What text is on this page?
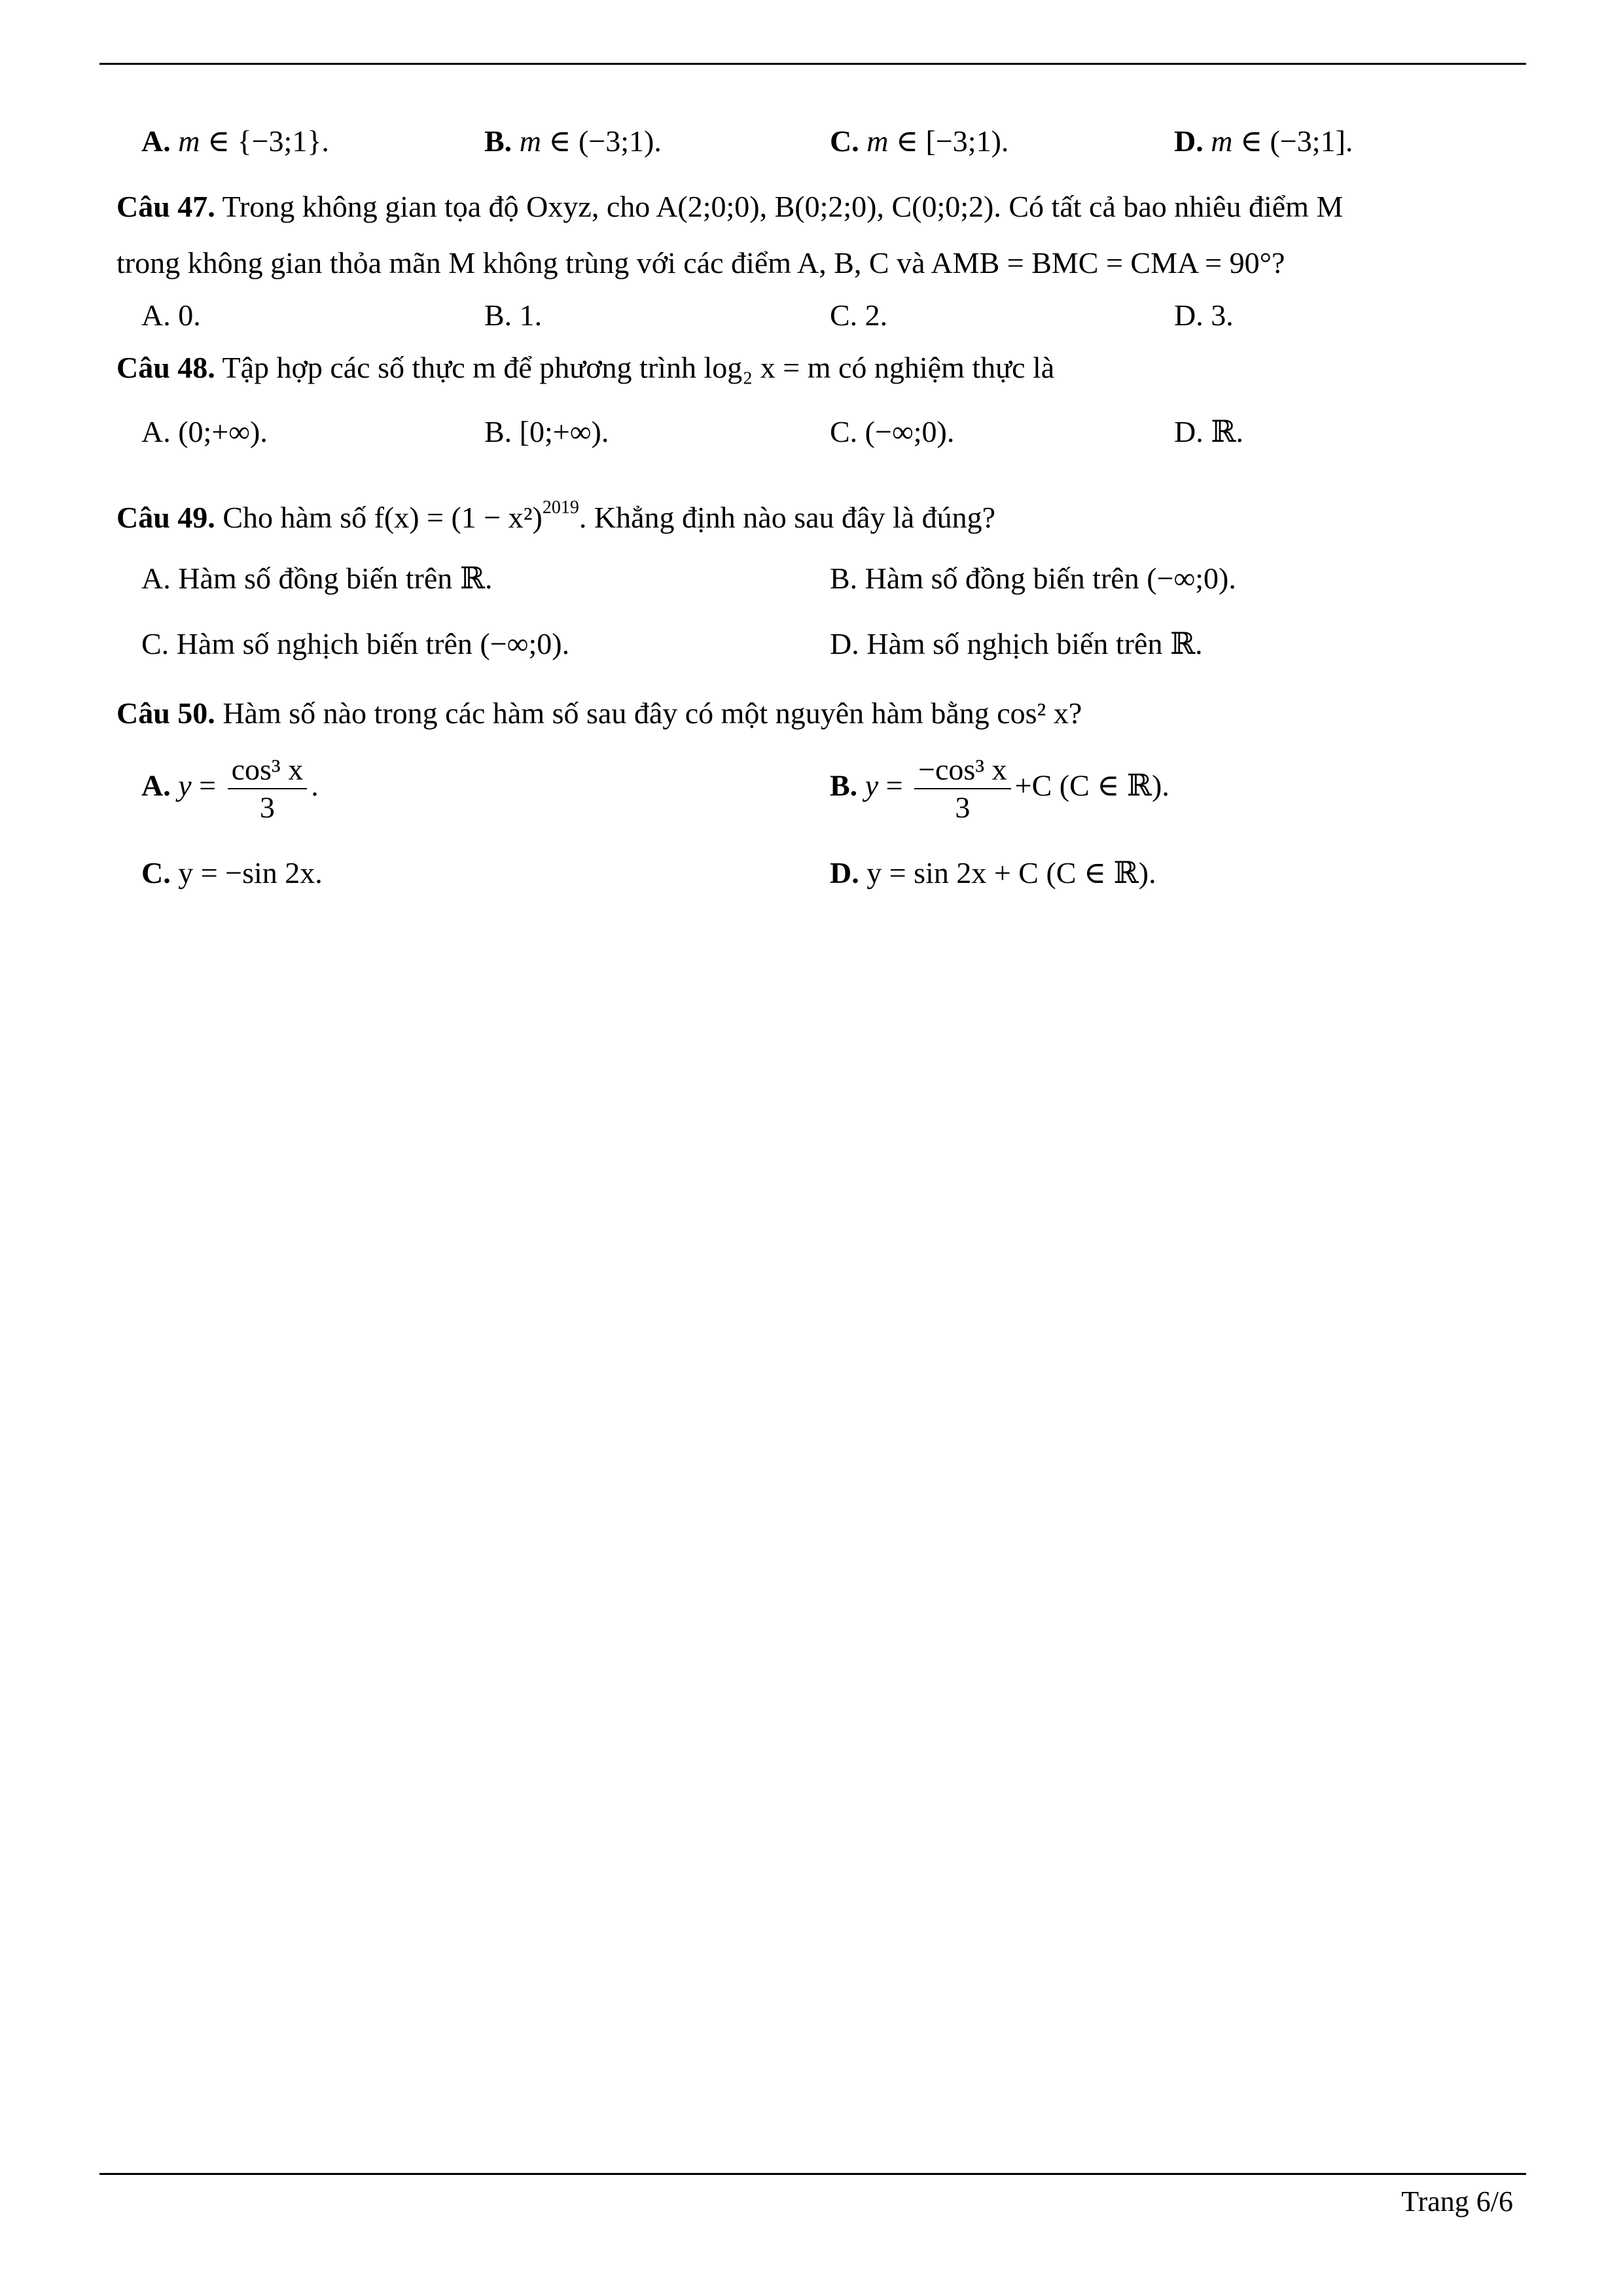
A. m ∈ {−3;1}.	B. m ∈ (−3;1).	C. m ∈ [−3;1).	D. m ∈ (−3;1].
Câu 47. Trong không gian tọa độ Oxyz, cho A(2;0;0), B(0;2;0), C(0;0;2). Có tất cả bao nhiêu điểm M
trong không gian thỏa mãn M không trùng với các điểm A, B, C và AMB = BMC = CMA = 90°?
A. 0.	B. 1.	C. 2.	D. 3.
Câu 48. Tập hợp các số thực m để phương trình log₂ x = m có nghiệm thực là
A. (0;+∞).	B. [0;+∞).	C. (−∞;0).	D. ℝ.
Câu 49. Cho hàm số $f(x) = (1 - x^2)^{2019}$. Khẳng định nào sau đây là đúng?
A. Hàm số đồng biến trên ℝ.	B. Hàm số đồng biến trên (−∞;0).
C. Hàm số nghịch biến trên (−∞;0).	D. Hàm số nghịch biến trên ℝ.
Câu 50. Hàm số nào trong các hàm số sau đây có một nguyên hàm bằng cos² x?
A. $y = \frac{\text{cos³ x}}{3}$ .	B. $y = \frac{\text{−cos³ x}}{3} +C$ (C ∈ ℝ).
C. y = −sin 2x.	D. y = sin 2x + C (C ∈ ℝ).
Trang 6/6
